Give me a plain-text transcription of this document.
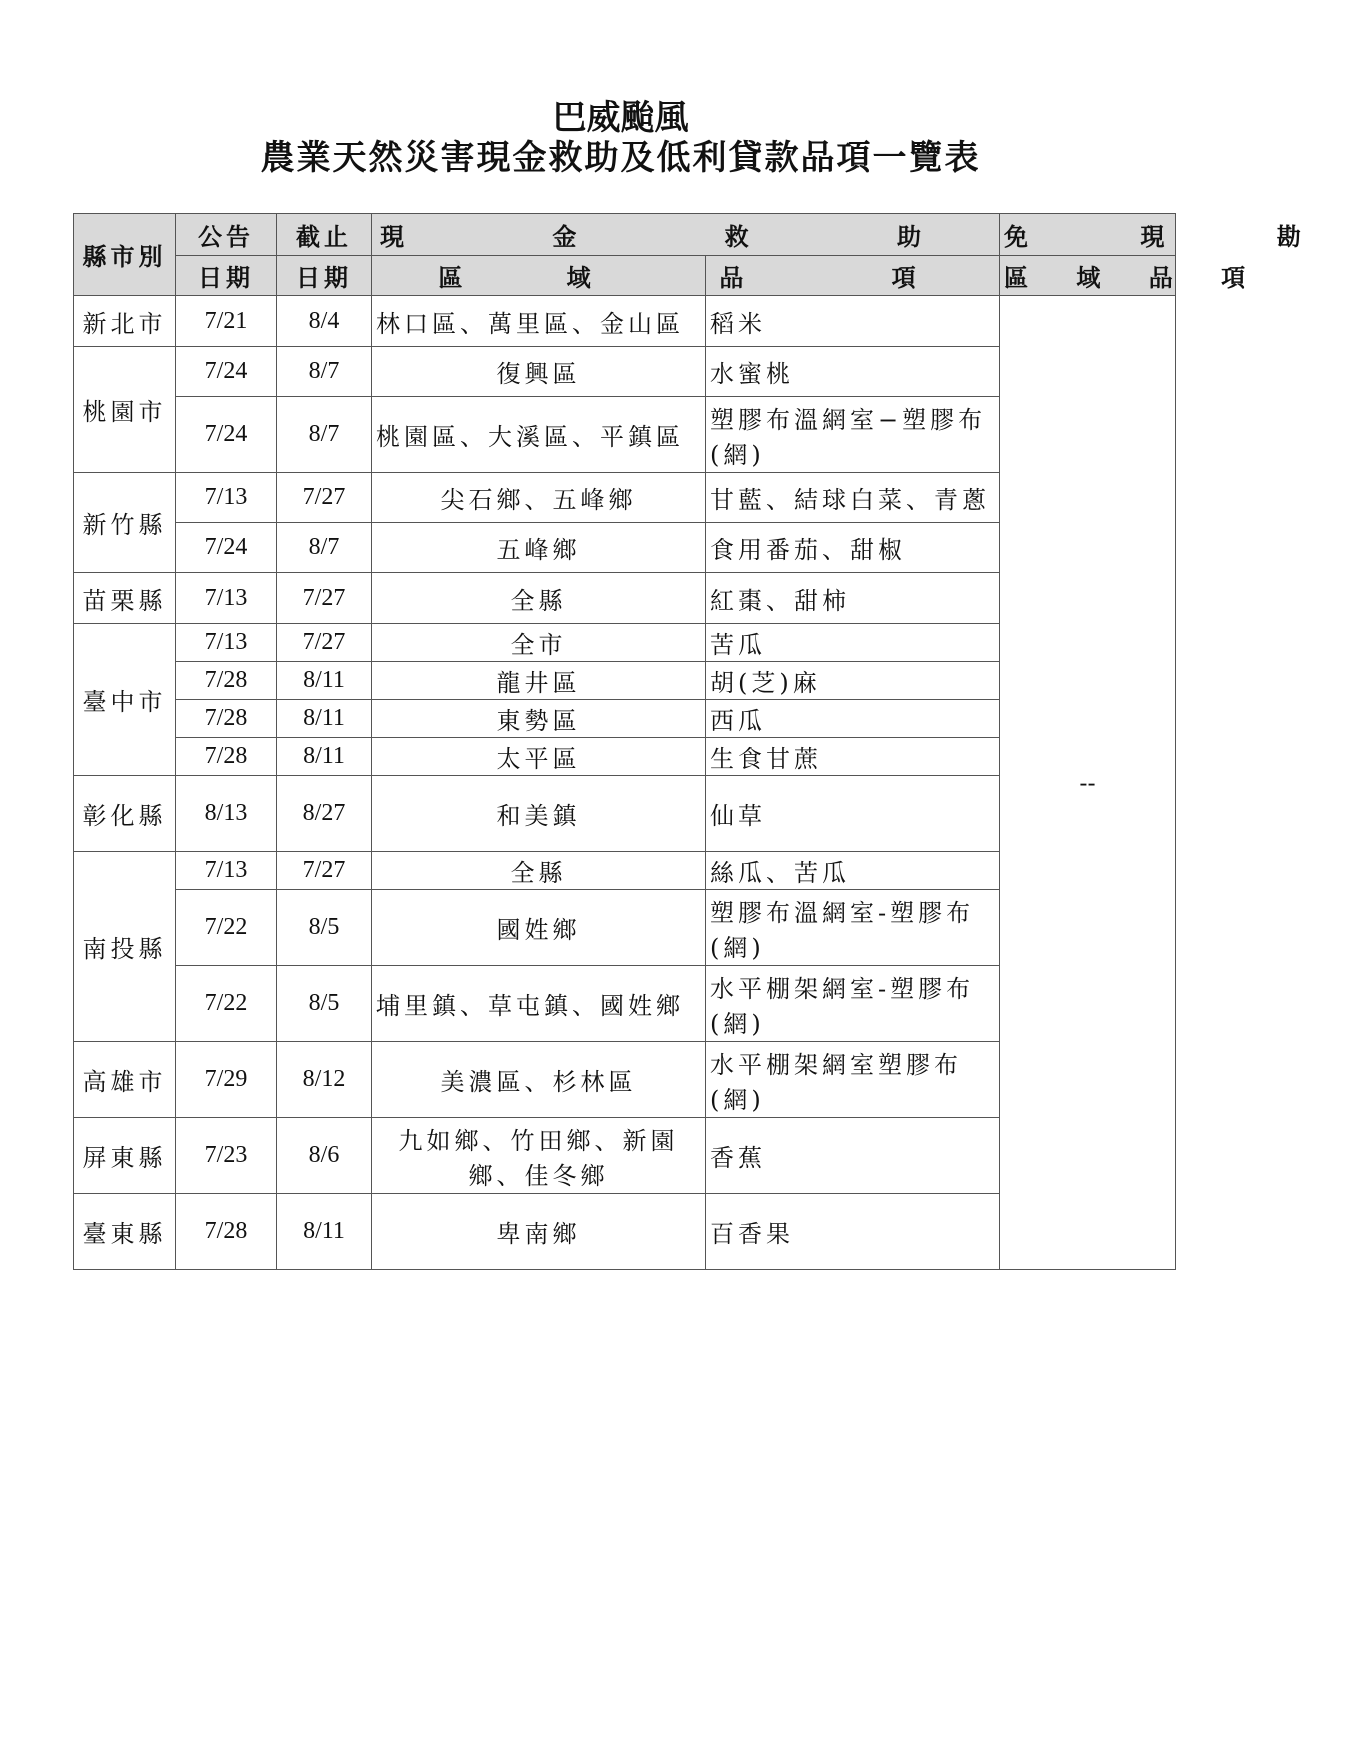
巴威颱風
農業天然災害現金救助及低利貸款品項一覽表
縣市別	公告	截止	現 金 救 助		免 現 勘
	日期	日期	區 域	品 項	區 域 品 項
新北市	7/21	8/4	林口區、萬里區、金山區	稻米	--
桃園市	7/24	8/7	復興區	水蜜桃	
	7/24	8/7	桃園區、大溪區、平鎮區	塑膠布溫網室−塑膠布(網)	
新竹縣	7/13	7/27	尖石鄉、五峰鄉	甘藍、結球白菜、青蔥	
	7/24	8/7	五峰鄉	食用番茄、甜椒	
苗栗縣	7/13	7/27	全縣	紅棗、甜柿	
臺中市	7/13	7/27	全市	苦瓜	
	7/28	8/11	龍井區	胡(芝)麻	
	7/28	8/11	東勢區	西瓜	
	7/28	8/11	太平區	生食甘蔗	
彰化縣	8/13	8/27	和美鎮	仙草	
南投縣	7/13	7/27	全縣	絲瓜、苦瓜	
	7/22	8/5	國姓鄉	塑膠布溫網室-塑膠布(網)	
	7/22	8/5	埔里鎮、草屯鎮、國姓鄉	水平棚架網室-塑膠布(網)	
高雄市	7/29	8/12	美濃區、杉林區	水平棚架網室塑膠布(網)	
屏東縣	7/23	8/6	九如鄉、竹田鄉、新園鄉、佳冬鄉	香蕉	
臺東縣	7/28	8/11	卑南鄉	百香果	
